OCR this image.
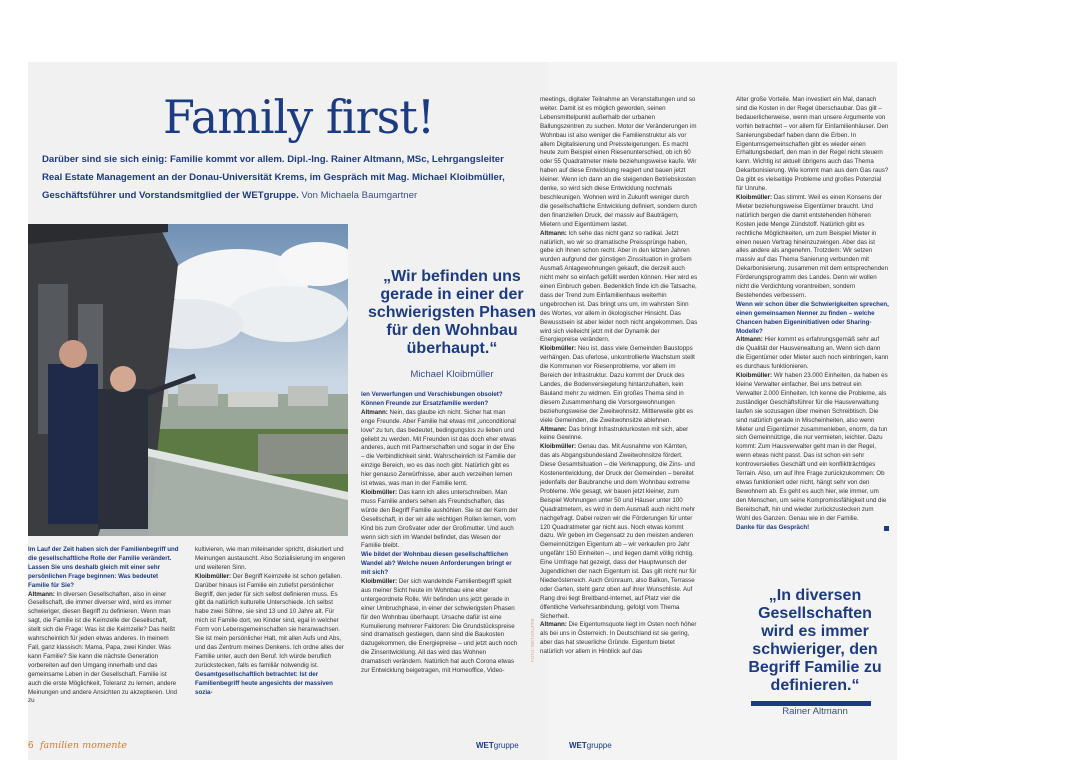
Family first!

Darüber sind sie sich einig: Familie kommt vor allem. Dipl.-Ing. Rainer Altmann, MSc, Lehrgangsleiter Real Estate Management an der Donau-Universität Krems, im Gespräch mit Mag. Michael Kloibmüller, Geschäftsführer und Vorstandsmitglied der WETgruppe. Von Michaela Baumgartner

„Wir befinden uns gerade in einer der schwierigsten Phasen für den Wohnbau überhaupt.“
Michael Kloibmüller

Im Lauf der Zeit haben sich der Familienbegriff und die gesellschaftliche Rolle der Familie verändert. Lassen Sie uns deshalb gleich mit einer sehr persönlichen Frage beginnen: Was bedeutet Familie für Sie?

Altmann: In diversen Gesellschaften, also in einer Gesellschaft, die immer diverser wird, wird es immer schwieriger, diesen Begriff zu definieren. Wenn man sagt, die Familie ist die Keimzelle der Gesellschaft, stellt sich die Frage: Was ist die Keimzelle? Das heißt wahrscheinlich für jeden etwas anderes. In meinem Fall, ganz klassisch: Mama, Papa, zwei Kinder. Was kann Familie? Sie kann die nächste Generation vorbereiten auf den Umgang innerhalb und das gemeinsame Leben in der Gesellschaft. Familie ist auch die erste Möglichkeit, Toleranz zu lernen, andere Meinungen und andere Ansichten zu akzeptieren. Und zu

kultivieren, wie man miteinander spricht, diskutiert und Meinungen austauscht. Also Sozialisierung im engeren und weiteren Sinn.

Kloibmüller: Der Begriff Keimzelle ist schon gefallen. Darüber hinaus ist Familie ein zutiefst persönlicher Begriff, den jeder für sich selbst definieren muss. Es gibt da natürlich kulturelle Unterschiede. Ich selbst habe zwei Söhne, sie sind 13 und 10 Jahre alt. Für mich ist Familie dort, wo Kinder sind, egal in welcher Form von Lebensgemeinschaften sie heranwachsen. Sie ist mein persönlicher Halt, mit allen Aufs und Abs, und das Zentrum meines Denkens. Ich ordne alles der Familie unter, auch den Beruf. Ich würde beruflich zurückstecken, falls es familiär notwendig ist.

Gesamtgesellschaftlich betrachtet: Ist der Familienbegriff heute angesichts der massiven sozia-

len Verwerfungen und Verschiebungen obsolet? Können Freunde zur Ersatzfamilie werden?

Altmann: Nein, das glaube ich nicht. Sicher hat man enge Freunde. Aber Familie hat etwas mit „unconditional love“ zu tun, das bedeutet, bedingungslos zu lieben und geliebt zu werden. Mit Freunden ist das doch eher etwas anderes, auch mit Partnerschaften und sogar in der Ehe – die Verbindlichkeit sinkt. Wahrscheinlich ist Familie der einzige Bereich, wo es das noch gibt. Natürlich gibt es hier genauso Zerwürfnisse, aber auch verzeihen lernen ist etwas, was man in der Familie lernt.

Kloibmüller: Das kann ich alles unterschreiben. Man muss Familie anders sehen als Freundschaften, das würde den Begriff Familie aushöhlen. Sie ist der Kern der Gesellschaft, in der wir alle wichtigen Rollen lernen, vom Kind bis zum Großvater oder der Großmutter. Und auch wenn sich sich im Wandel befindet, das Wesen der Familie bleibt.

Wie bildet der Wohnbau diesen gesellschaftlichen Wandel ab? Welche neuen Anforderungen bringt er mit sich?

Kloibmüller: Der sich wandelnde Familienbegriff spielt aus meiner Sicht heute im Wohnbau eine eher untergeordnete Rolle. Wir befinden uns jetzt gerade in einer Umbruchphase, in einer der schwierigsten Phasen für den Wohnbau überhaupt. Ursache dafür ist eine Kumulierung mehrerer Faktoren: Die Grundstückspreise sind dramatisch gestiegen, dann sind die Baukosten dazugekommen, die Energiepreise – und jetzt auch noch die Zinsentwicklung. All das wird das Wohnen dramatisch verändern. Natürlich hat auch Corona etwas zur Entwicklung beigetragen, mit Homeoffice, Video-

FOTO: WETGRUPPE
6 familien momente	WETgruppe

meetings, digitaler Teilnahme an Veranstaltungen und so weiter. Damit ist es möglich geworden, seinen Lebensmittelpunkt außerhalb der urbanen Ballungszentren zu suchen. Motor der Veränderungen im Wohnbau ist also weniger die Familienstruktur als vor allem Digitalisierung und Preissteigerungen. Es macht heute zum Beispiel einen Riesenunterschied, ob ich 60 oder 55 Quadratmeter miete beziehungsweise kaufe. Wir haben auf diese Entwicklung reagiert und bauen jetzt kleiner. Wenn ich dann an die steigenden Betriebskosten denke, so wird sich diese Entwicklung nochmals beschleunigen. Wohnen wird in Zukunft weniger durch die gesellschaftliche Entwicklung definiert, sondern durch den finanziellen Druck, der massiv auf Bauträgern, Mietern und Eigentümern lastet.

Altmann: Ich sehe das nicht ganz so radikal. Jetzt natürlich, wo wir so dramatische Preissprünge haben, gebe ich Ihnen schon recht. Aber in den letzten Jahren wurden aufgrund der günstigen Zinssituation in großem Ausmaß Anlagewohnungen gekauft, die derzeit auch nicht mehr so einfach gefüllt werden können. Hier wird es einen Einbruch geben. Bedenklich finde ich die Tatsache, dass der Trend zum Einfamilienhaus weiterhin ungebrochen ist. Das bringt uns um, im wahrsten Sinn des Wortes, vor allem in ökologischer Hinsicht. Das Bewusstsein ist aber leider noch nicht angekommen. Das wird sich vielleicht jetzt mit der Dynamik der Energiepreise verändern.

Kloibmüller: Neu ist, dass viele Gemeinden Baustopps verhängen. Das uferlose, unkontrollierte Wachstum stellt die Kommunen vor Riesenprobleme, vor allem im Bereich der Infrastruktur. Dazu kommt der Druck des Landes, die Bodenversiegelung hintanzuhalten, kein Bauland mehr zu widmen. Ein großes Thema sind in diesem Zusammenhang die Vorsorgewohnungen beziehungsweise der Zweitwohnsitz. Mittlerweile gibt es viele Gemeinden, die Zweitwohnsitze ablehnen.

Altmann: Das bringt Infrastrukturkosten mit sich, aber keine Gewinne.

Kloibmüller: Genau das. Mit Ausnahme von Kärnten, das als Abgangsbundesland Zweitwohnsitze fördert. Diese Gesamtsituation – die Verknappung, die Zins- und Kostenentwicklung, der Druck der Gemeinden – bereitet jedenfalls der Baubranche und dem Wohnbau extreme Probleme. Wie gesagt, wir bauen jetzt kleiner, zum Beispiel Wohnungen unter 50 und Häuser unter 100 Quadratmetern, es wird in dem Ausmaß auch nicht mehr nachgefragt. Dabei reizen wir die Förderungen für unter 120 Quadratmeter gar nicht aus. Noch etwas kommt dazu. Wir geben im Gegensatz zu den meisten anderen Gemeinnützigen Eigentum ab – wir verkaufen pro Jahr ungefähr 150 Einheiten –, und liegen damit völlig richtig. Eine Umfrage hat gezeigt, dass der Hauptwunsch der Jugendlichen der nach Eigentum ist. Das gilt nicht nur für Niederösterreich. Auch Grünraum, also Balkon, Terrasse oder Garten, steht ganz oben auf ihrer Wunschliste. Auf Rang drei liegt Breitband-Internet, auf Platz vier die öffentliche Verkehrsanbindung, gefolgt vom Thema Sicherheit.

Altmann: Die Eigentumsquote liegt im Osten noch höher als bei uns in Österreich. In Deutschland ist sie gering, aber das hat steuerliche Gründe. Eigentum bietet natürlich vor allem in Hinblick auf das

Alter große Vorteile. Man investiert ein Mal, danach sind die Kosten in der Regel überschaubar. Das gilt – bedauerlicherweise, wenn man unsere Argumente von vorhin betrachtet – vor allem für Einfamilienhäuser. Den Sanierungsbedarf haben dann die Erben. In Eigentumsgemeinschaften gibt es wieder einen Erhaltungsbedarf, den man in der Regel nicht steuern kann. Wichtig ist aktuell übrigens auch das Thema Dekarbonisierung. Wie kommt man aus dem Gas raus? Da gibt es vielseitige Probleme und großes Potenzial für Unruhe.

Kloibmüller: Das stimmt. Weil es einen Konsens der Mieter beziehungsweise Eigentümer braucht. Und natürlich bergen die damit entstehenden höheren Kosten jede Menge Zündstoff. Natürlich gibt es rechtliche Möglichkeiten, um zum Beispiel Mieter in einen neuen Vertrag hineinzuzwingen. Aber das ist alles andere als angenehm. Trotzdem: Wir setzen massiv auf das Thema Sanierung verbunden mit Dekarbonisierung, zusammen mit dem entsprechenden Förderungsprogramm des Landes. Denn wir wollen nicht die Verdichtung vorantreiben, sondern Bestehendes verbessern.

Wenn wir schon über die Schwierigkeiten sprechen, einen gemeinsamen Nenner zu finden – welche Chancen haben Eigeninitiativen oder Sharing-Modelle?

Altmann: Hier kommt es erfahrungsgemäß sehr auf die Qualität der Hausverwaltung an. Wenn sich dann die Eigentümer oder Mieter auch noch einbringen, kann es durchaus funktionieren.

Kloibmüller: Wir haben 23.000 Einheiten, da haben es kleine Verwalter einfacher. Bei uns betreut ein Verwalter 2.000 Einheiten. Ich kenne die Probleme, als zuständiger Geschäftsführer für die Hausverwaltung laufen sie sozusagen über meinen Schreibtisch. Die sind natürlich gerade in Mischeinheiten, also wenn Mieter und Eigentümer zusammenleben, enorm, da tun sich Gemeinnützige, die nur vermieten, leichter. Dazu kommt: Zum Hausverwalter geht man in der Regel, wenn etwas nicht passt. Das ist schon ein sehr kontroversielles Geschäft und ein konfliktträchtiges Terrain. Also, um auf Ihre Frage zurückzukommen: Ob etwas funktioniert oder nicht, hängt sehr von den Bewohnern ab. Es geht es auch hier, wie immer, um den Menschen, um seine Kompromissfähigkeit und die Bereitschaft, hin und wieder zurückzustecken zum Wohl des Ganzen. Genau wie in der Familie.

Danke für das Gespräch!

„In diversen Gesellschaften wird es immer schwieriger, den Begriff Familie zu definieren.“
Rainer Altmann
WETgruppe
